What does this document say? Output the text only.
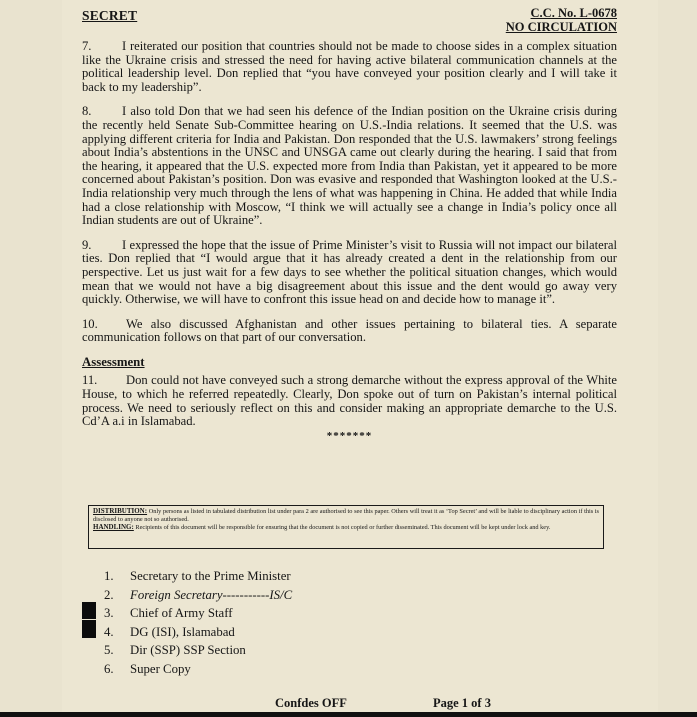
SECRET	C.C. No. L-0678
NO CIRCULATION

7. I reiterated our position that countries should not be made to choose sides in a complex situation like the Ukraine crisis and stressed the need for having active bilateral communication channels at the political leadership level. Don replied that “you have conveyed your position clearly and I will take it back to my leadership”.

8. I also told Don that we had seen his defence of the Indian position on the Ukraine crisis during the recently held Senate Sub-Committee hearing on U.S.-India relations. It seemed that the U.S. was applying different criteria for India and Pakistan. Don responded that the U.S. lawmakers’ strong feelings about India’s abstentions in the UNSC and UNSGA came out clearly during the hearing. I said that from the hearing, it appeared that the U.S. expected more from India than Pakistan, yet it appeared to be more concerned about Pakistan’s position. Don was evasive and responded that Washington looked at the U.S.-India relationship very much through the lens of what was happening in China. He added that while India had a close relationship with Moscow, “I think we will actually see a change in India’s policy once all Indian students are out of Ukraine”.

9. I expressed the hope that the issue of Prime Minister’s visit to Russia will not impact our bilateral ties. Don replied that “I would argue that it has already created a dent in the relationship from our perspective. Let us just wait for a few days to see whether the political situation changes, which would mean that we would not have a big disagreement about this issue and the dent would go away very quickly. Otherwise, we will have to confront this issue head on and decide how to manage it”.

10. We also discussed Afghanistan and other issues pertaining to bilateral ties. A separate communication follows on that part of our conversation.

Assessment

11. Don could not have conveyed such a strong demarche without the express approval of the White House, to which he referred repeatedly. Clearly, Don spoke out of turn on Pakistan’s internal political process. We need to seriously reflect on this and consider making an appropriate demarche to the U.S. Cd’A a.i in Islamabad.

*******

DISTRIBUTION: Only persons as listed in tabulated distribution list under para 2 are authorised to see this paper. Others will treat it as ‘Top Secret’ and will be liable to disciplinary action if this is disclosed to anyone not so authorised.

HANDLING: Recipients of this document will be responsible for ensuring that the document is not copied or further disseminated. This document will be kept under lock and key.

1.	Secretary to the Prime Minister
2.	Foreign Secretary-----------IS/C
3.	Chief of Army Staff
4.	DG (ISI), Islamabad
5.	Dir (SSP) SSP Section
6.	Super Copy
Confdes OFF	Page 1 of 3
